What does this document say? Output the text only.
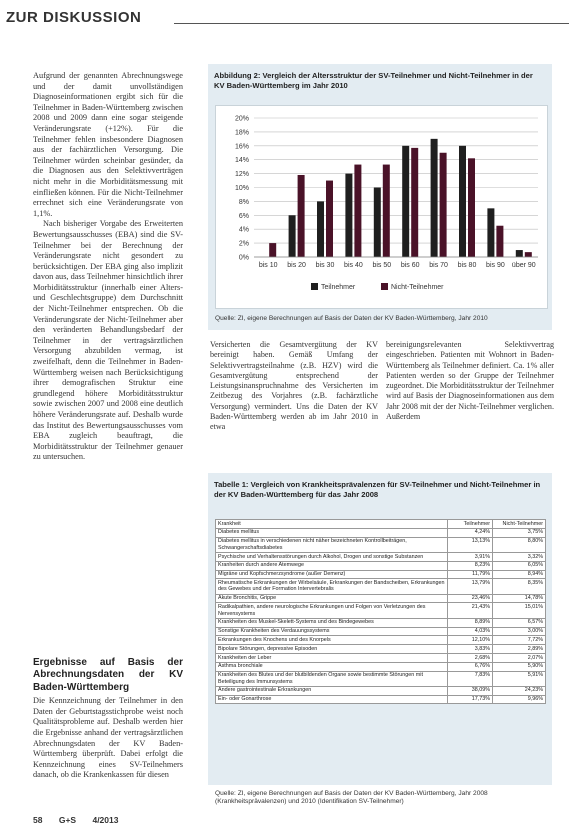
ZUR DISKUSSION

Aufgrund der genannten Abrechnungswege und der damit unvollständigen Diagnoseinformationen ergibt sich für die Teilnehmer in Baden-Württemberg zwischen 2008 und 2009 dann eine sogar steigende Veränderungsrate (+12%). Für die Teilnehmer fehlen insbesondere Diagnosen aus der fachärztlichen Versorgung. Die Teilnehmer würden scheinbar gesünder, da die Diagnosen aus den Selektivverträgen nicht mehr in die Morbiditätsmessung mit einfließen können. Für die Nicht-Teilnehmer errechnet sich eine Veränderungsrate von 1,1%.

Nach bisheriger Vorgabe des Erweiterten Bewertungsausschusses (EBA) sind die SV-Teilnehmer bei der Berechnung der Veränderungsrate nicht gesondert zu berücksichtigen. Der EBA ging also implizit davon aus, dass Teilnehmer hinsichtlich ihrer Morbiditätsstruktur (innerhalb einer Alters- und Geschlechtsgruppe) dem Durchschnitt der Nicht-Teilnehmer entsprechen. Ob die Veränderungsrate der Nicht-Teilnehmer aber den veränderten Behandlungsbedarf der Teilnehmer in der vertragsärztlichen Versorgung abzubilden vermag, ist zweifelhaft, denn die Teilnehmer in Baden-Württemberg weisen nach Berücksichtigung ihrer demografischen Struktur eine grundlegend höhere Morbiditätsstruktur sowie zwischen 2007 und 2008 eine deutlich höhere Veränderungsrate auf. Deshalb wurde das Institut des Bewertungsausschusses vom EBA zugleich beauftragt, die Morbiditätsstruktur der Teilnehmer genauer zu untersuchen.

Ergebnisse auf Basis der Abrechnungsdaten der KV Baden-Württemberg

Die Kennzeichnung der Teilnehmer in den Daten der Geburtstagsstichprobe weist noch Qualitätsprobleme auf. Deshalb werden hier die Ergebnisse anhand der vertragsärztlichen Abrechnungsdaten der KV Baden-Württemberg überprüft. Dabei erfolgt die Kennzeichnung eines SV-Teilnehmers danach, ob die Krankenkassen für diesen

Abbildung 2: Vergleich der Altersstruktur der SV-Teilnehmer und Nicht-Teilnehmer in der KV Baden-Württemberg im Jahr 2010
0%
2%
4%
6%
8%
10%
12%
14%
16%
18%
20%
bis 10 bis 20 bis 30 bis 40 bis 50 bis 60 bis 70 bis 80 bis 90 über 90
Teilnehmer	Nicht-Teilnehmer
Quelle: ZI, eigene Berechnungen auf Basis der Daten der KV Baden-Württemberg, Jahr 2010
Versicherten die Gesamtvergütung der KV bereinigt haben. Gemäß Umfang der Selektivvertragsteilnahme (z.B. HZV) wird die Gesamtvergütung entsprechend der Leistungsinanspruchnahme des Versicherten im Zeitbezug des Vorjahres (z.B. fachärztliche Versorgung) vermindert. Uns die Daten der KV Baden-Württemberg werden ab im Jahr 2010 in etwa
bereinigungsrelevanten Selektivvertrag eingeschrieben. Patienten mit Wohnort in Baden-Württemberg als Teilnehmer definiert. Ca. 1% aller Patienten werden so der Gruppe der Teilnehmer zugeordnet. Die Morbiditätsstruktur der Teilnehmer wird auf Basis der Diagnoseinformationen aus dem Jahr 2008 mit der der Nicht-Teilnehmer verglichen. Außerdem
Tabelle 1: Vergleich von Krankheitsprävalenzen für SV-Teilnehmer und Nicht-Teilnehmer in der KV Baden-Württemberg für das Jahr 2008
Krankheit	Teilnehmer	Nicht-Teilnehmer
Diabetes mellitus	4,24%	3,75%
Diabetes mellitus in verschiedenen nicht näher bezeichneten Kontrollbeiträgen, Schwangerschaftsdiabetes	13,13%	8,80%
Psychische und Verhaltensstörungen durch Alkohol, Drogen und sonstige Substanzen	3,91%	3,32%
Kranheiten durch andere Atemwege	8,23%	6,05%
Migräne und Kopfschmerzsyndrome (außer Demenz)	11,79%	8,94%
Rheumatische Erkrankungen der Wirbelsäule, Erkrankungen der Bandscheiben, Erkrankungen des Gewebes und der Formation Intervertebralis	13,79%	8,35%
Akute Bronchitis, Grippe	23,46%	14,78%
Radikalpathien, andere neurologische Erkrankungen und Folgen von Verletzungen des Nervensystems	21,43%	15,01%
Krankheiten des Muskel-Skelett-Systems und des Bindegewebes	8,89%	6,57%
Sonstige Krankheiten des Verdauungssystems	4,03%	3,00%
Erkrankungen des Knochens und des Knorpels	12,10%	7,72%
Bipolare Störungen, depressive Episoden	3,83%	2,89%
Krankheiten der Leber	2,68%	2,07%
Asthma bronchiale	6,76%	5,90%
Krankheiten des Blutes und der blutbildenden Organe sowie bestimmte Störungen mit Beteiligung des Immunsystems	7,83%	5,91%
Andere gastrointestinale Erkrankungen	38,09%	24,23%
Ein- oder Gonarthrose	17,73%	9,96%
Quelle: ZI, eigene Berechnungen auf Basis der Daten der KV Baden-Württemberg, Jahr 2008 (Krankheitsprävalenzen) und 2010 (Identifikation SV-Teilnehmer)
58 G+S 4/2013
